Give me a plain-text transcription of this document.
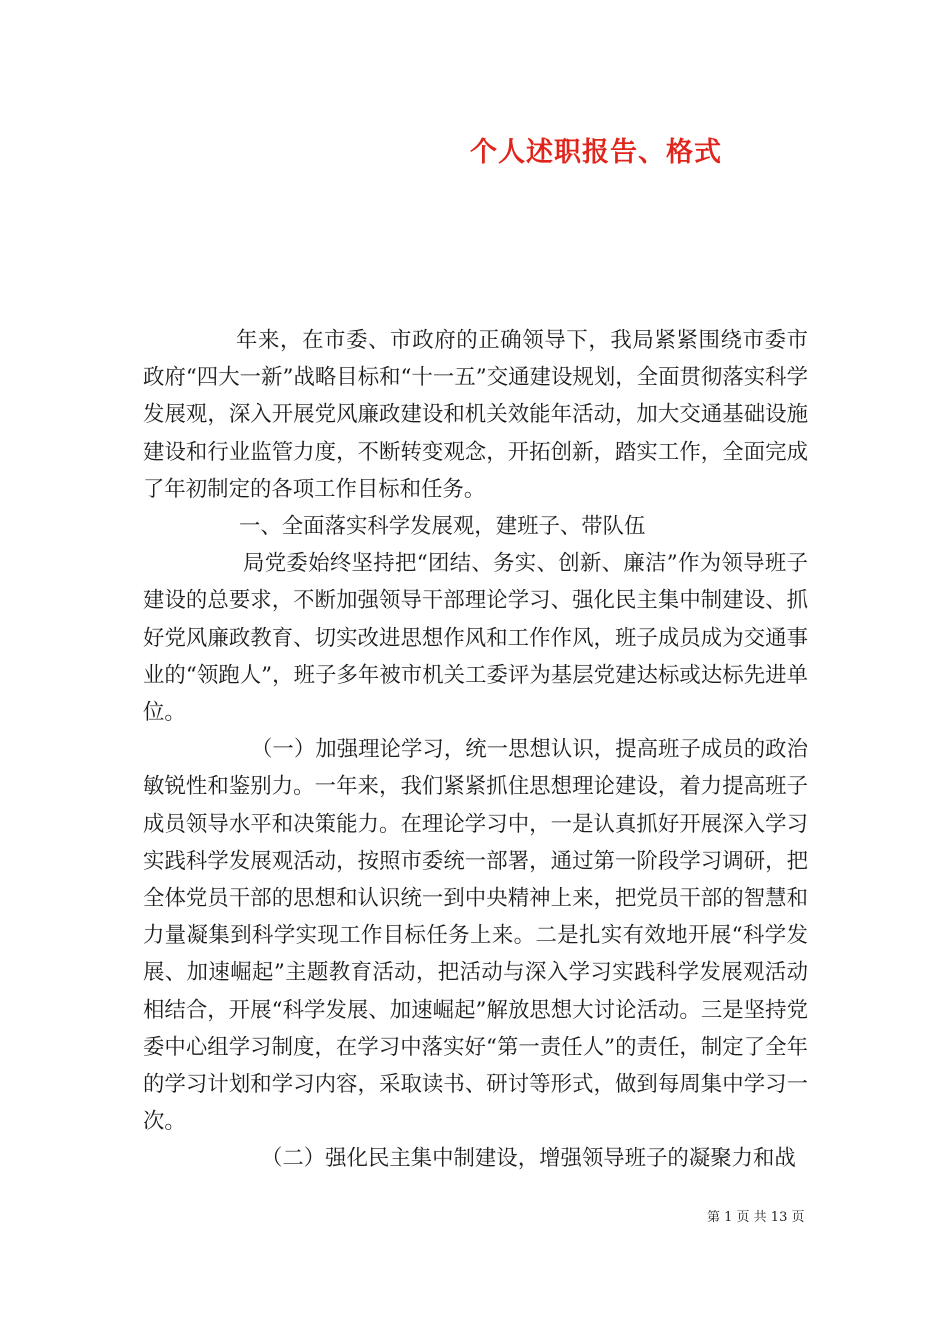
个人述职报告、格式

年来，在市委、市政府的正确领导下，我局紧紧围绕市委市政府“四大一新”战略目标和“十一五”交通建设规划，全面贯彻落实科学发展观，深入开展党风廉政建设和机关效能年活动，加大交通基础设施建设和行业监管力度，不断转变观念，开拓创新，踏实工作，全面完成了年初制定的各项工作目标和任务。

一、全面落实科学发展观，建班子、带队伍

局党委始终坚持把“团结、务实、创新、廉洁”作为领导班子建设的总要求，不断加强领导干部理论学习、强化民主集中制建设、抓好党风廉政教育、切实改进思想作风和工作作风，班子成员成为交通事业的“领跑人”，班子多年被市机关工委评为基层党建达标或达标先进单位。

（一）加强理论学习，统一思想认识，提高班子成员的政治敏锐性和鉴别力。一年来，我们紧紧抓住思想理论建设，着力提高班子成员领导水平和决策能力。在理论学习中，一是认真抓好开展深入学习实践科学发展观活动，按照市委统一部署，通过第一阶段学习调研，把全体党员干部的思想和认识统一到中央精神上来，把党员干部的智慧和力量凝集到科学实现工作目标任务上来。二是扎实有效地开展“科学发展、加速崛起”主题教育活动，把活动与深入学习实践科学发展观活动相结合，开展“科学发展、加速崛起”解放思想大讨论活动。三是坚持党委中心组学习制度，在学习中落实好“第一责任人”的责任，制定了全年的学习计划和学习内容，采取读书、研讨等形式，做到每周集中学习一次。

（二）强化民主集中制建设，增强领导班子的凝聚力和战

第 1 页 共 13 页
